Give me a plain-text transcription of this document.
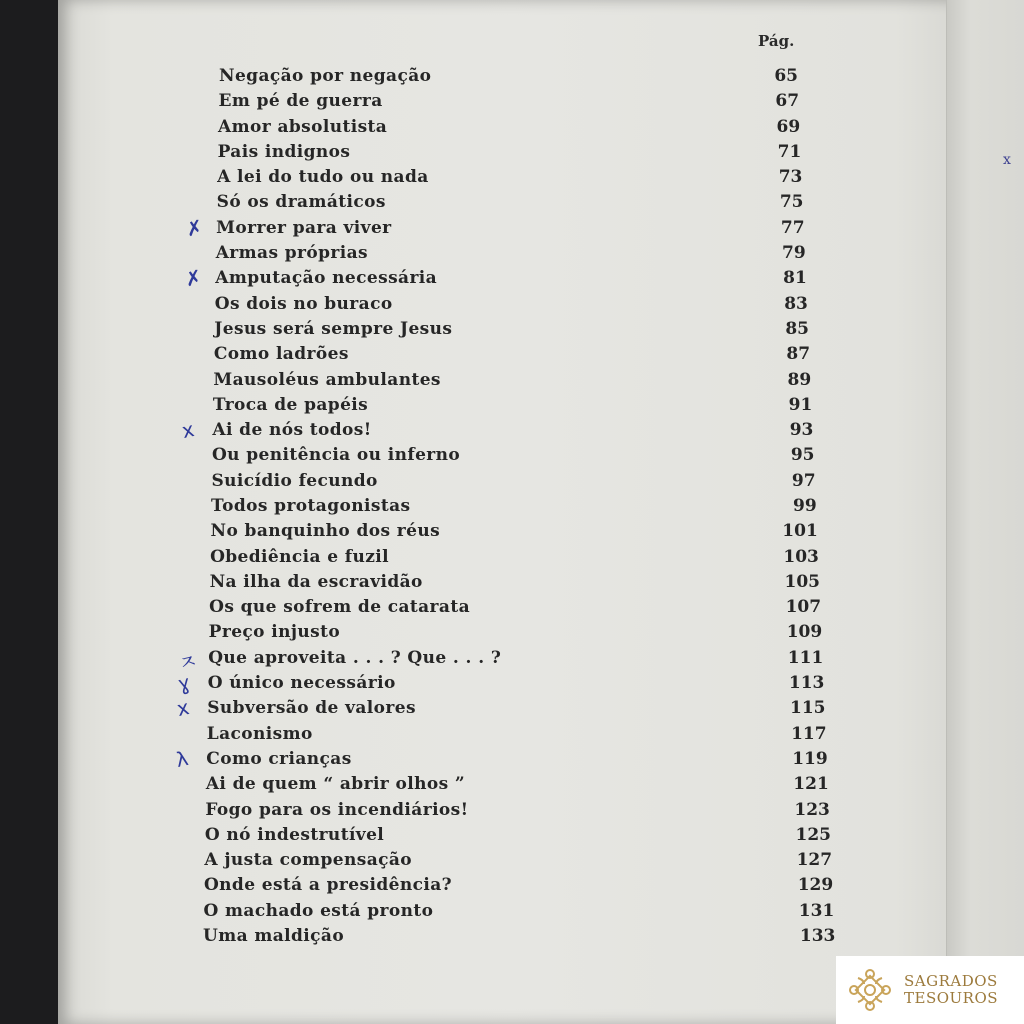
x
Pág.
Negação por negação	65
Em pé de guerra	67
Amor absolutista	69
Pais indignos	71
A lei do tudo ou nada	73
Só os dramáticos	75
Morrer para viver	77
✗
Armas próprias	79
Amputação necessária	81
✗
Os dois no buraco	83
Jesus será sempre Jesus	85
Como ladrões	87
Mausoléus ambulantes	89
Troca de papéis	91
Ai de nós todos!	93
x
Ou penitência ou inferno	95
Suicídio fecundo	97
Todos protagonistas	99
No banquinho dos réus	101
Obediência e fuzil	103
Na ilha da escravidão	105
Os que sofrem de catarata	107
Preço injusto	109
Que aproveita . . . ? Que . . . ?	111
ㅈ
O único necessário	113
ɣ
Subversão de valores	115
x
Laconismo	117
Como crianças	119
λ
Ai de quem “ abrir olhos ”	121
Fogo para os incendiários!	123
O nó indestrutível	125
A justa compensação	127
Onde está a presidência?	129
O machado está pronto	131
Uma maldição	133
SAGRADOS
TESOUROS
